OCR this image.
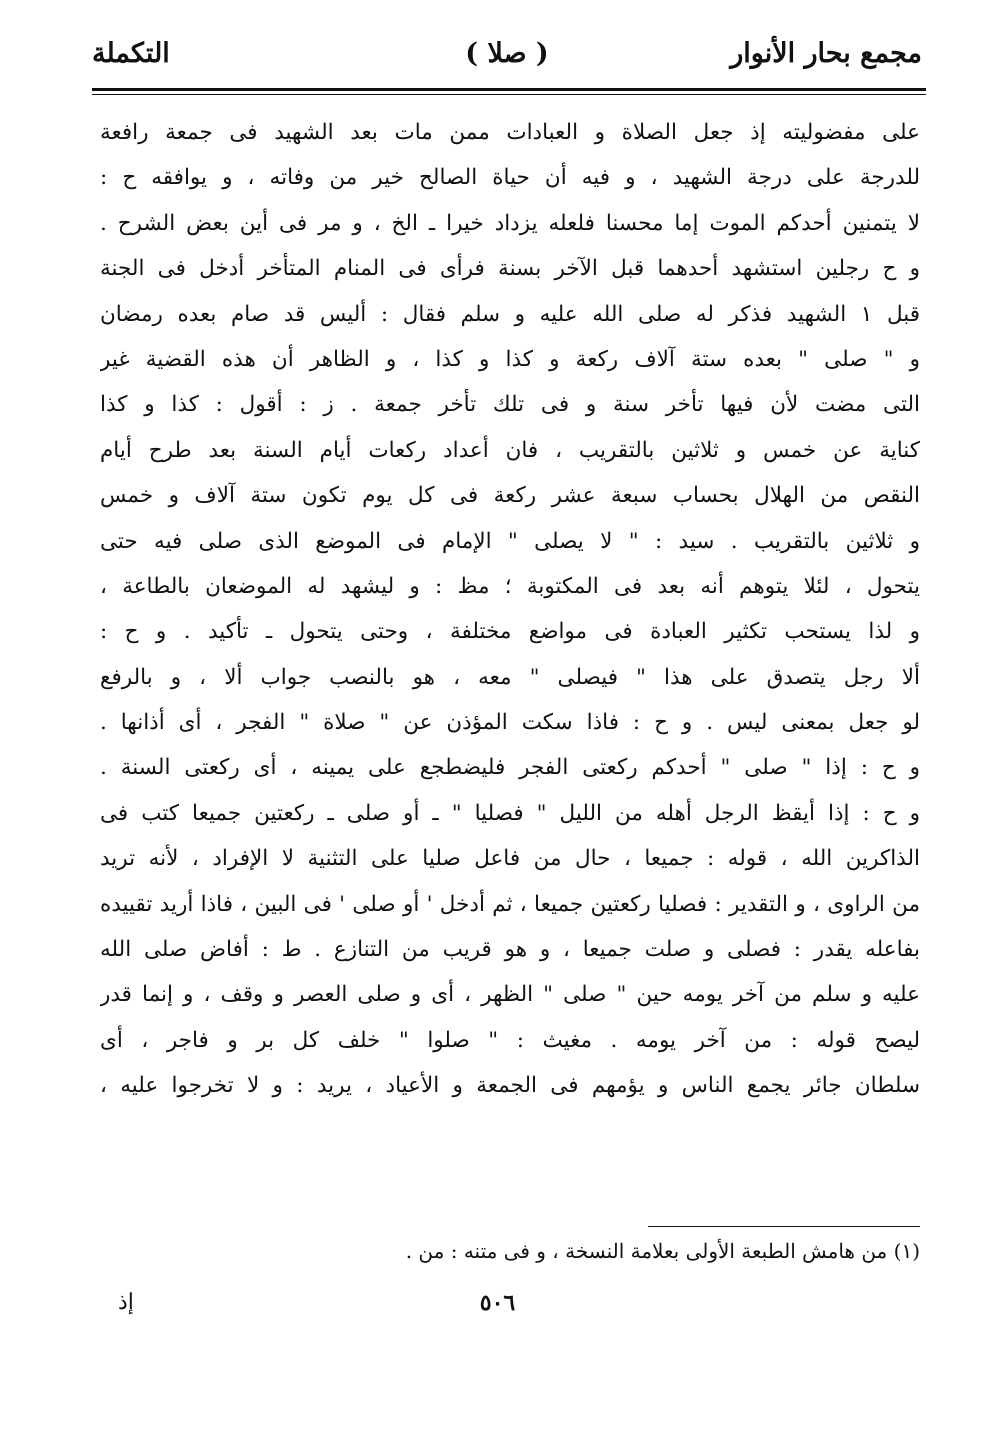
مجمع بحار الأنوار
( صلا )
التكملة
على مفضوليته إذ جعل الصلاة و العبادات ممن مات بعد الشهيد فى جمعة رافعة
للدرجة على درجة الشهيد ، و فيه أن حياة الصالح خير من وفاته ، و يوافقه ح :
لا يتمنين أحدكم الموت إما محسنا فلعله يزداد خيرا ـ الخ ، و مر فى أين بعض الشرح .
و ح رجلين استشهد أحدهما قبل الآخر بسنة فرأى فى المنام المتأخر أدخل فى الجنة
قبل ١ الشهيد فذكر له صلى الله عليه و سلم فقال : أليس قد صام بعده رمضان
و " صلى " بعده ستة آلاف ركعة و كذا و كذا ، و الظاهر أن هذه القضية غير
التى مضت لأن فيها تأخر سنة و فى تلك تأخر جمعة . ز : أقول : كذا و كذا
كناية عن خمس و ثلاثين بالتقريب ، فان أعداد ركعات أيام السنة بعد طرح أيام
النقص من الهلال بحساب سبعة عشر ركعة فى كل يوم تكون ستة آلاف و خمس
و ثلاثين بالتقريب . سيد : " لا يصلى " الإمام فى الموضع الذى صلى فيه حتى
يتحول ، لئلا يتوهم أنه بعد فى المكتوبة ؛ مظ : و ليشهد له الموضعان بالطاعة ،
و لذا يستحب تكثير العبادة فى مواضع مختلفة ، وحتى يتحول ـ تأكيد . و ح :
ألا رجل يتصدق على هذا " فيصلى " معه ، هو بالنصب جواب ألا ، و بالرفع
لو جعل بمعنى ليس . و ح : فاذا سكت المؤذن عن " صلاة " الفجر ، أى أذانها .
و ح : إذا " صلى " أحدكم ركعتى الفجر فليضطجع على يمينه ، أى ركعتى السنة .
و ح : إذا أيقظ الرجل أهله من الليل " فصليا " ـ أو صلى ـ ركعتين جميعا كتب فى
الذاكرين الله ، قوله : جميعا ، حال من فاعل صليا على التثنية لا الإفراد ، لأنه تريد
من الراوى ، و التقدير : فصليا ركعتين جميعا ، ثم أدخل ' أو صلى ' فى البين ، فاذا أريد تقييده
بفاعله يقدر : فصلى و صلت جميعا ، و هو قريب من التنازع . ط : أفاض صلى الله
عليه و سلم من آخر يومه حين " صلى " الظهر ، أى و صلى العصر و وقف ، و إنما قدر
ليصح قوله : من آخر يومه . مغيث : " صلوا " خلف كل بر و فاجر ، أى
سلطان جائر يجمع الناس و يؤمهم فى الجمعة و الأعياد ، يريد : و لا تخرجوا عليه ،
(١) من هامش الطبعة الأولى بعلامة النسخة ، و فى متنه : من .
٥٠٦
إذ
